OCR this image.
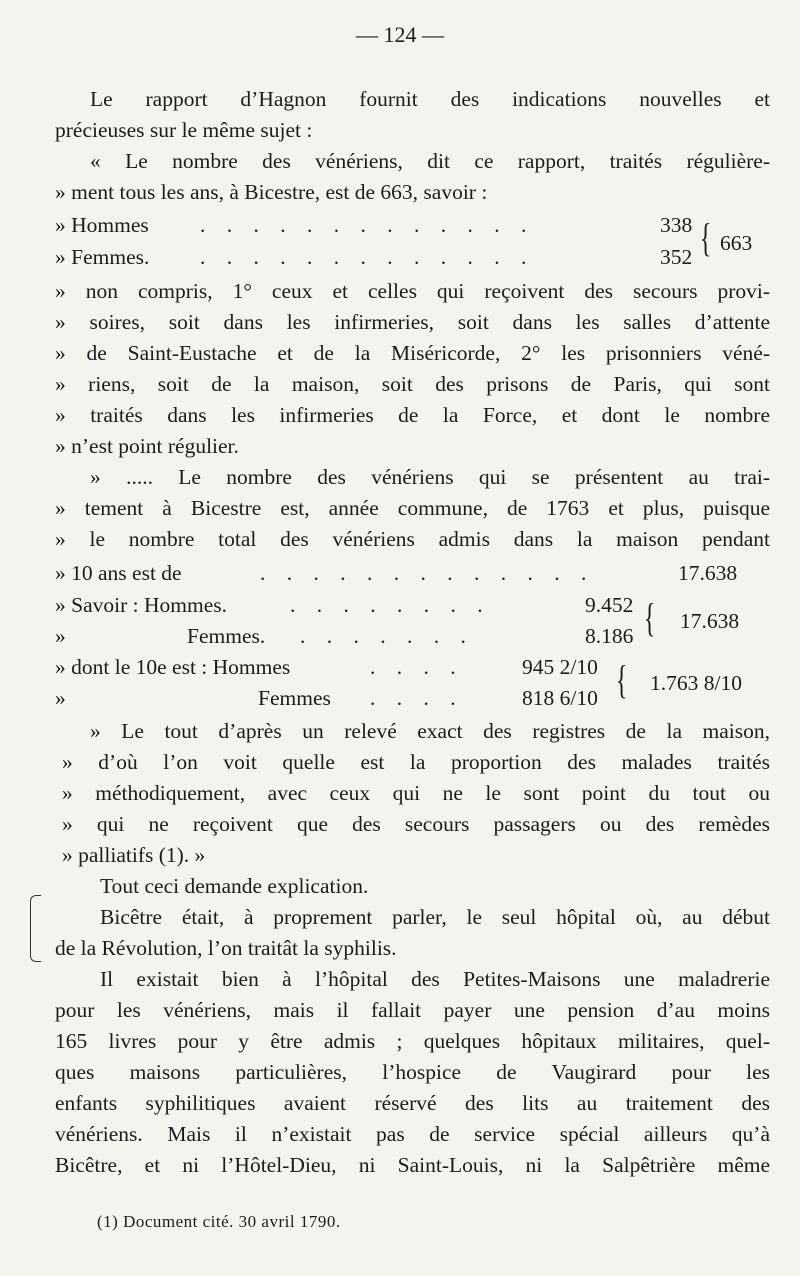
— 124 —
Le rapport d’Hagnon fournit des indications nouvelles et
précieuses sur le même sujet :
« Le nombre des vénériens, dit ce rapport, traités régulière-
» ment tous les ans, à Bicestre, est de 663, savoir :
» Hommes . . . . . . . . . . . . .	338
» Femmes. . . . . . . . . . . . . .	352 { 663
» non compris, 1° ceux et celles qui reçoivent des secours provi-
» soires, soit dans les infirmeries, soit dans les salles d’attente
» de Saint-Eustache et de la Miséricorde, 2° les prisonniers véné-
» riens, soit de la maison, soit des prisons de Paris, qui sont
» traités dans les infirmeries de la Force, et dont le nombre
» n’est point régulier.
» ..... Le nombre des vénériens qui se présentent au trai-
» tement à Bicestre est, année commune, de 1763 et plus, puisque
» le nombre total des vénériens admis dans la maison pendant
» 10 ans est de	. . . . . . . . . . . . .	17.638
» Savoir : Hommes.	. . . . . . . .	9.452
»	Femmes. . . . . . . .	8.186 { 17.638
» dont le 10e est : Hommes	. . . .	945 2/10
»	Femmes . . . .	818 6/10 { 1.763 8/10
» Le tout d’après un relevé exact des registres de la maison,
» d’où l’on voit quelle est la proportion des malades traités
» méthodiquement, avec ceux qui ne le sont point du tout ou
» qui ne reçoivent que des secours passagers ou des remèdes
» palliatifs (1). »
Tout ceci demande explication.
Bicêtre était, à proprement parler, le seul hôpital où, au début
de la Révolution, l’on traitât la syphilis.
Il existait bien à l’hôpital des Petites-Maisons une maladrerie
pour les vénériens, mais il fallait payer une pension d’au moins
165 livres pour y être admis ; quelques hôpitaux militaires, quel-
ques maisons particulières, l’hospice de Vaugirard pour les
enfants syphilitiques avaient réservé des lits au traitement des
vénériens. Mais il n’existait pas de service spécial ailleurs qu’à
Bicêtre, et ni l’Hôtel-Dieu, ni Saint-Louis, ni la Salpêtrière même
(1) Document cité. 30 avril 1790.
